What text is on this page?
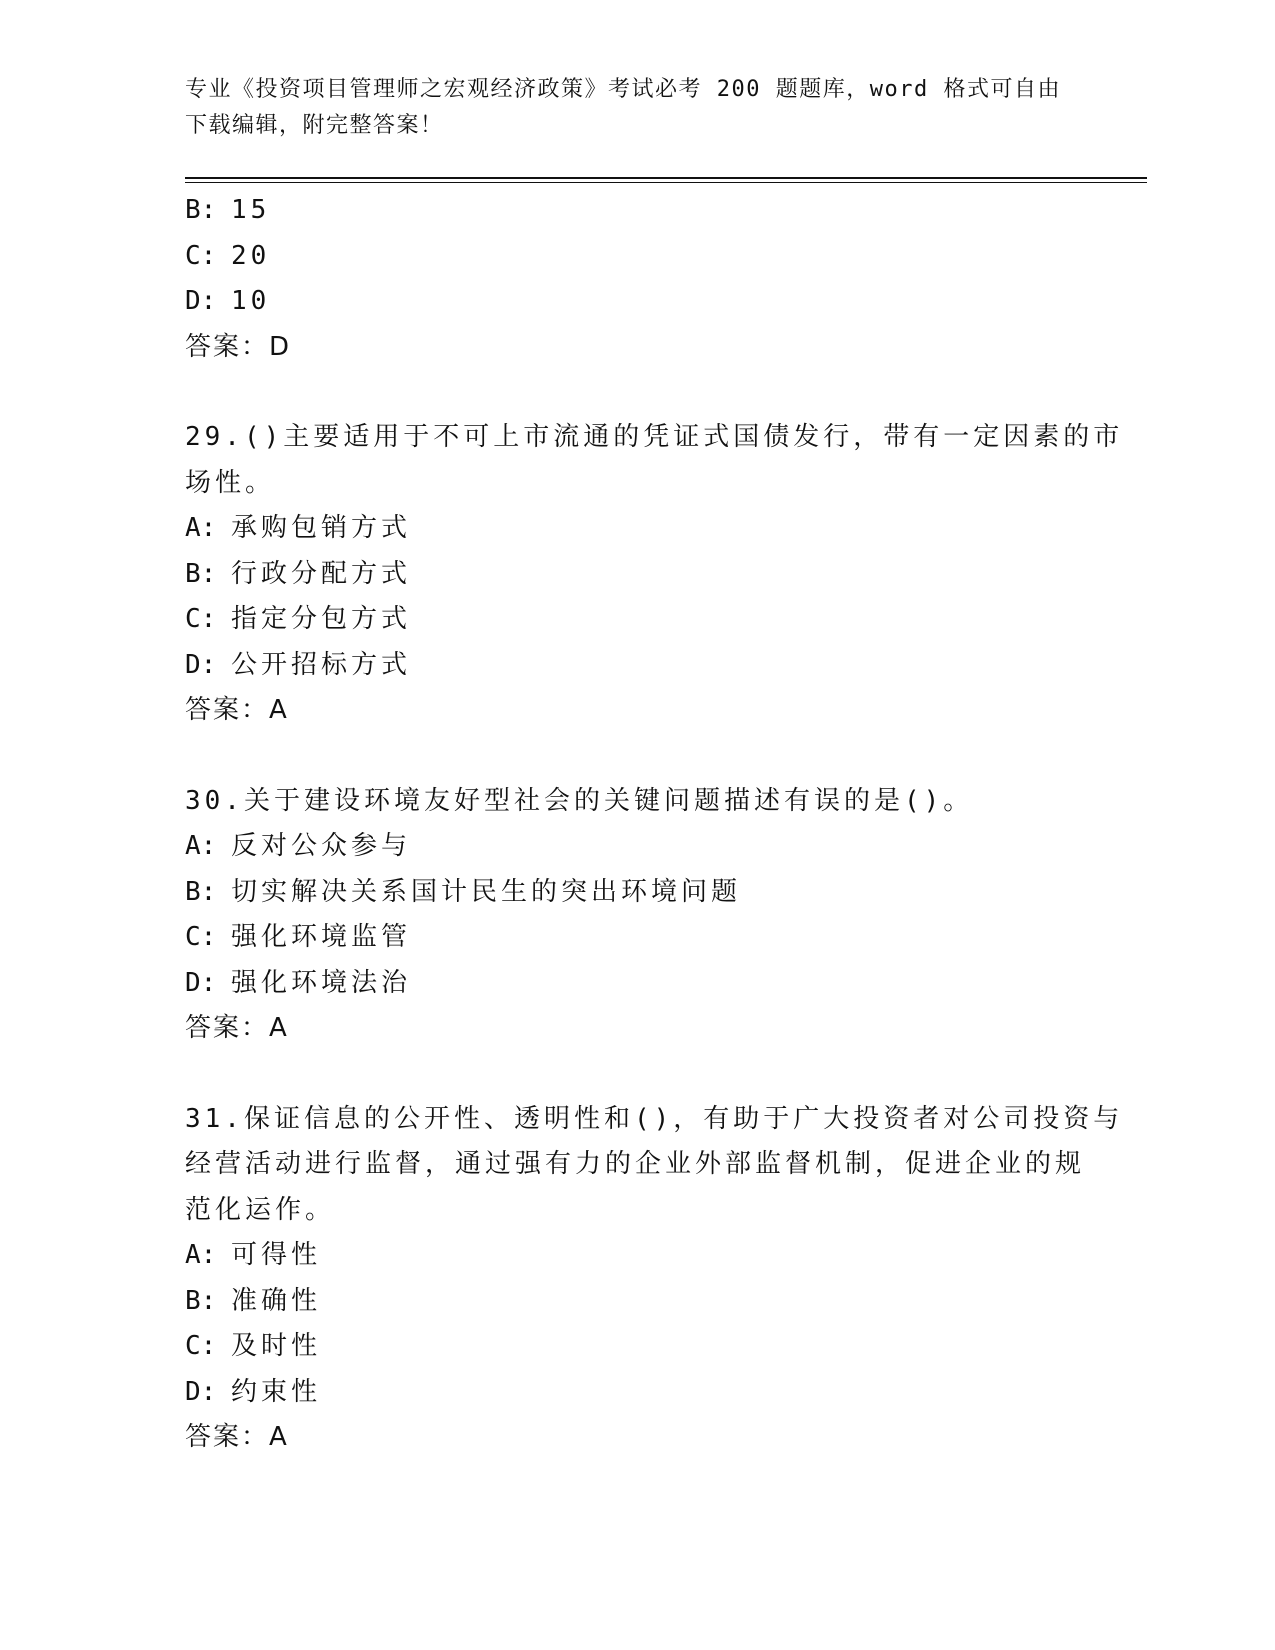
专业《投资项目管理师之宏观经济政策》考试必考 200 题题库，word 格式可自由
下载编辑，附完整答案！
B: 15
C: 20
D: 10
答案：D
29.()主要适用于不可上市流通的凭证式国债发行，带有一定因素的市
场性。
A: 承购包销方式
B: 行政分配方式
C: 指定分包方式
D: 公开招标方式
答案：A
30.关于建设环境友好型社会的关键问题描述有误的是()。
A: 反对公众参与
B: 切实解决关系国计民生的突出环境问题
C: 强化环境监管
D: 强化环境法治
答案：A
31.保证信息的公开性、透明性和()，有助于广大投资者对公司投资与
经营活动进行监督，通过强有力的企业外部监督机制，促进企业的规
范化运作。
A: 可得性
B: 准确性
C: 及时性
D: 约束性
答案：A
